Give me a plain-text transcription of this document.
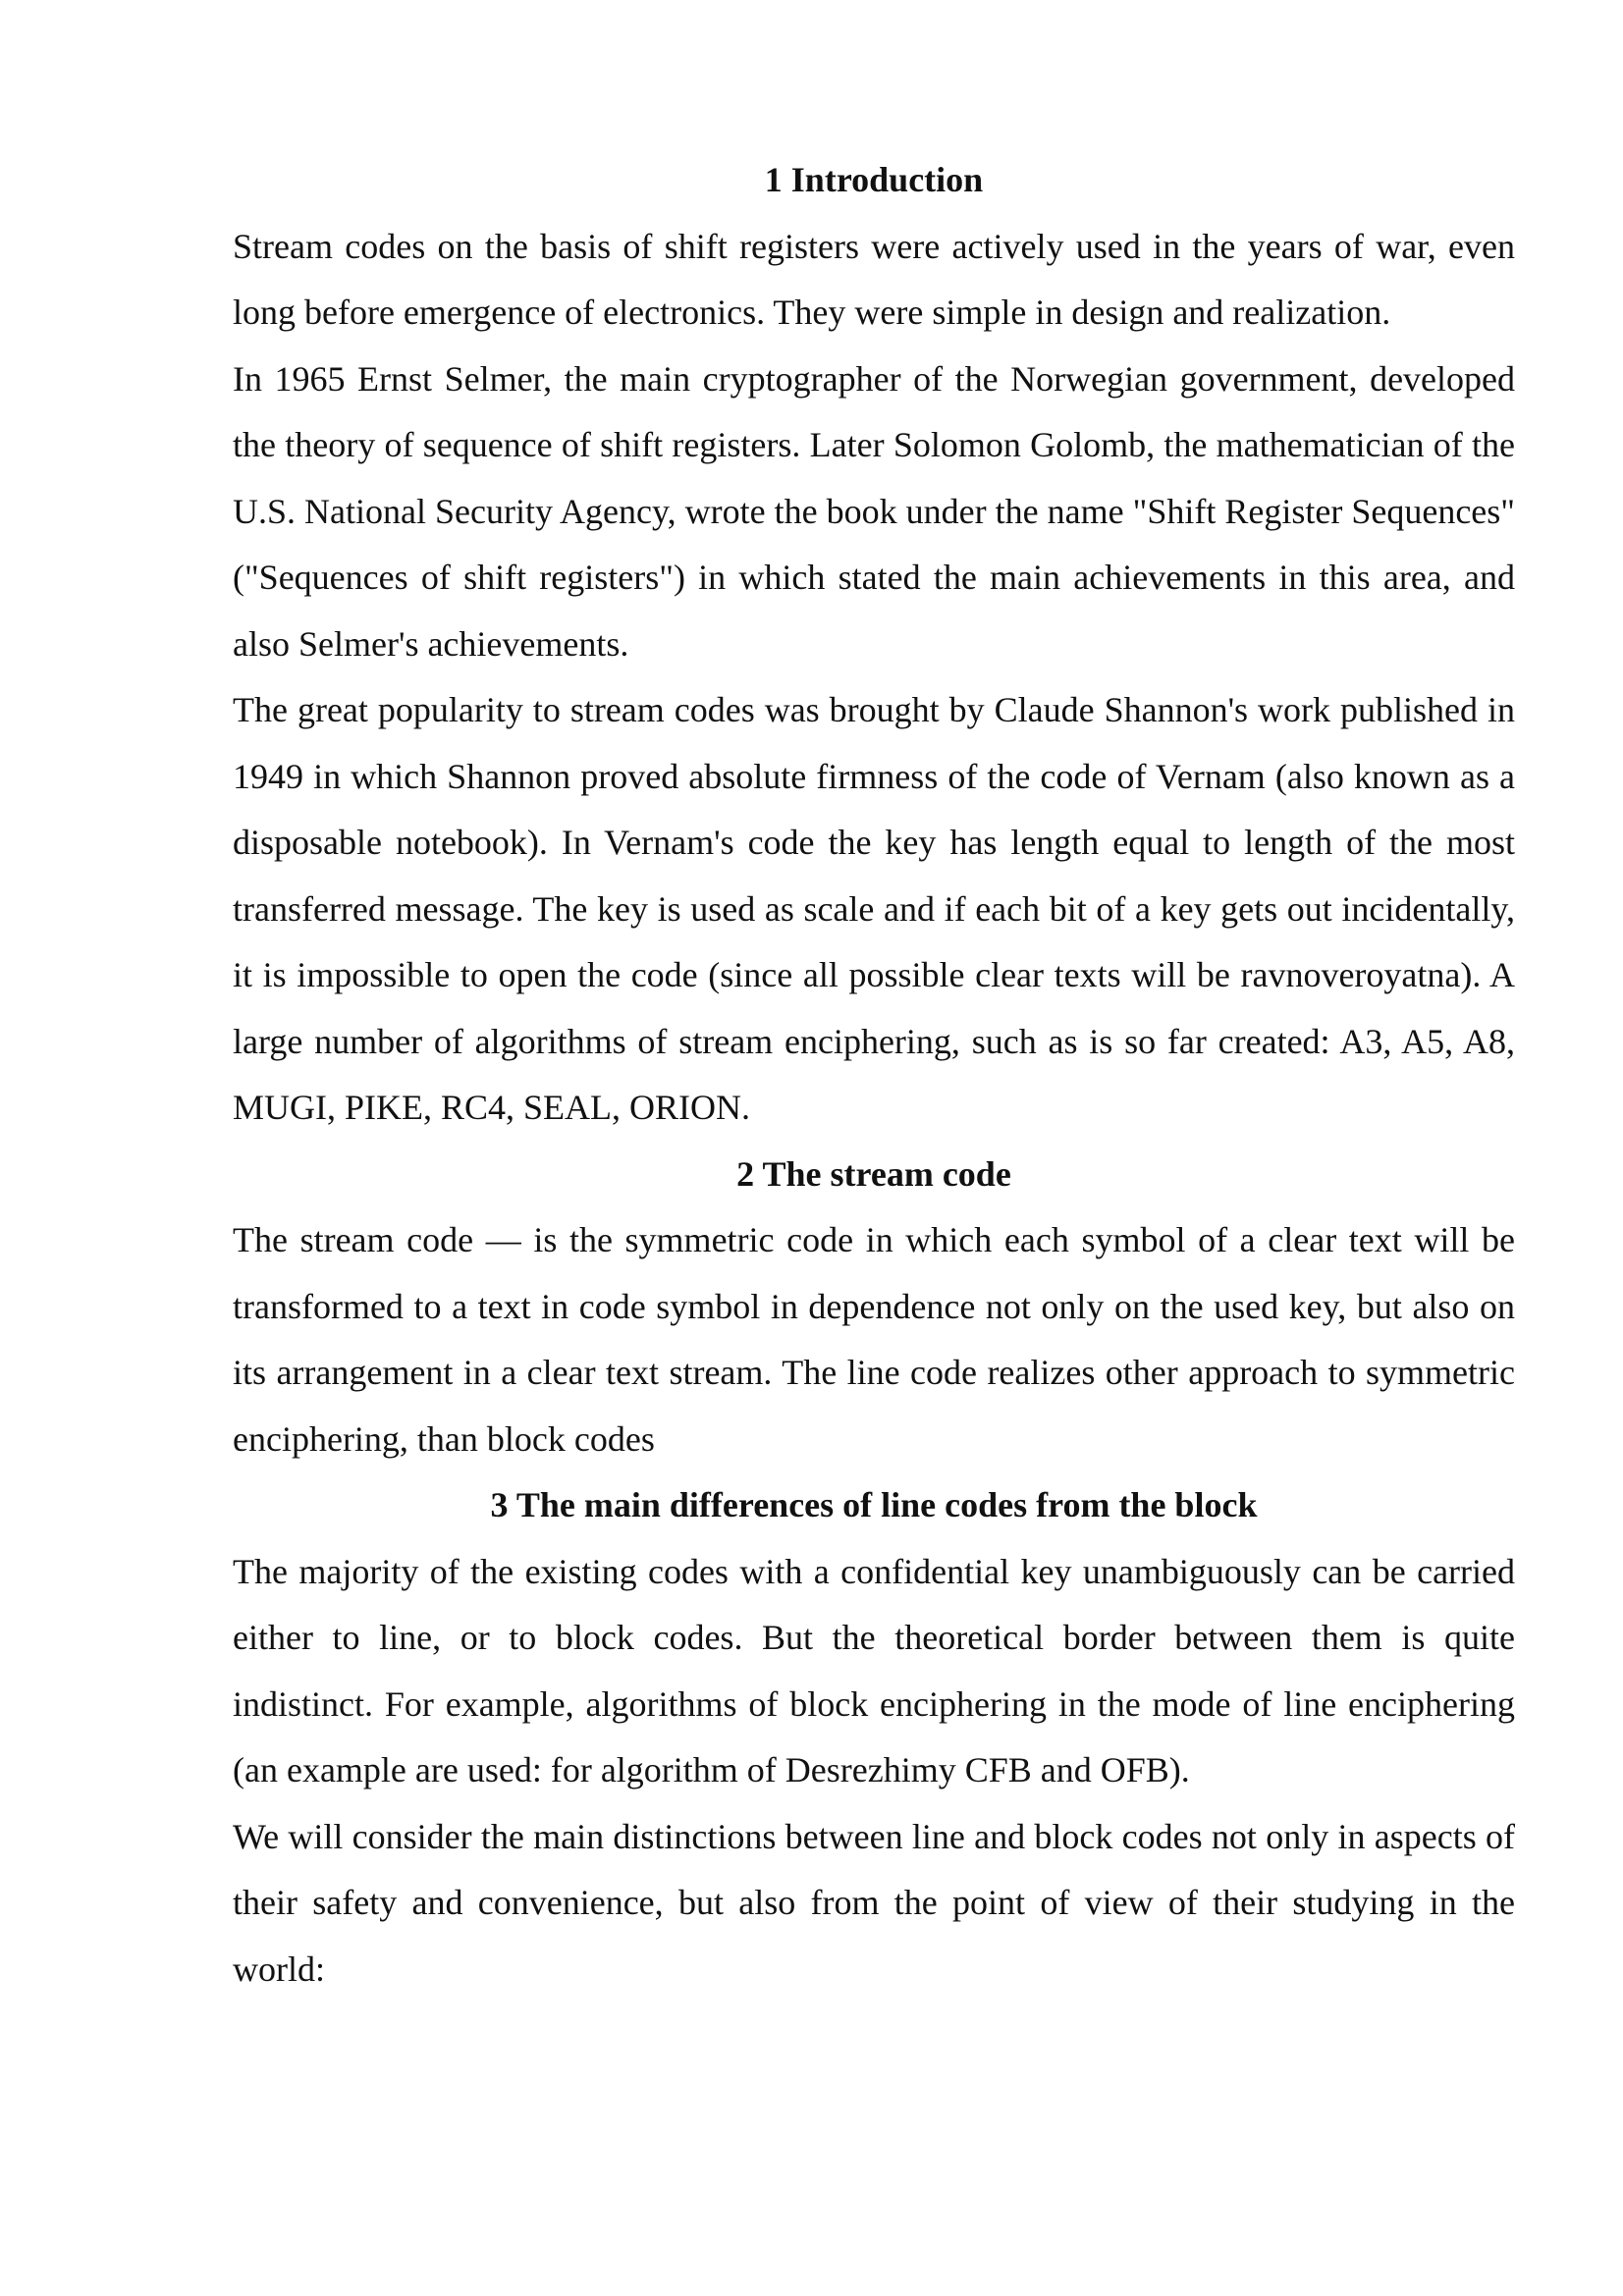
1 Introduction

Stream codes on the basis of shift registers were actively used in the years of war, even long before emergence of electronics. They were simple in design and realization.

In 1965 Ernst Selmer, the main cryptographer of the Norwegian government, developed the theory of sequence of shift registers. Later Solomon Golomb, the mathematician of the U.S. National Security Agency, wrote the book under the name "Shift Register Sequences" ("Sequences of shift registers") in which stated the main achievements in this area, and also Selmer's achievements.

The great popularity to stream codes was brought by Claude Shannon's work published in 1949 in which Shannon proved absolute firmness of the code of Vernam (also known as a disposable notebook). In Vernam's code the key has length equal to length of the most transferred message. The key is used as scale and if each bit of a key gets out incidentally, it is impossible to open the code (since all possible clear texts will be ravnoveroyatna). A large number of algorithms of stream enciphering, such as is so far created: A3, A5, A8, MUGI, PIKE, RC4, SEAL, ORION.

2 The stream code

The stream code — is the symmetric code in which each symbol of a clear text will be transformed to a text in code symbol in dependence not only on the used key, but also on its arrangement in a clear text stream. The line code realizes other approach to symmetric enciphering, than block codes

3 The main differences of line codes from the block

The majority of the existing codes with a confidential key unambiguously can be carried either to line, or to block codes. But the theoretical border between them is quite indistinct. For example, algorithms of block enciphering in the mode of line enciphering (an example are used: for algorithm of Desrezhimy CFB and OFB).

We will consider the main distinctions between line and block codes not only in aspects of their safety and convenience, but also from the point of view of their studying in the world:
